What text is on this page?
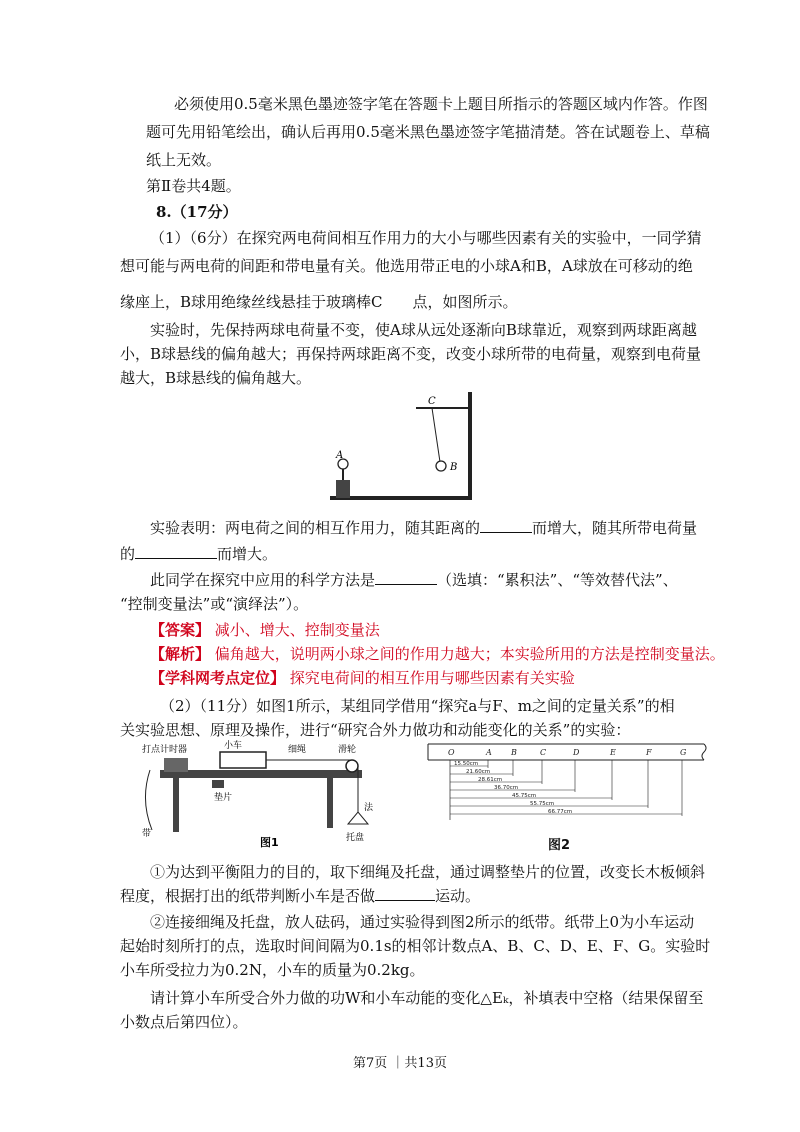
必须使用0.5毫米黑色墨迹签字笔在答题卡上题目所指示的答题区域内作答。作图
题可先用铅笔绘出，确认后再用0.5毫米黑色墨迹签字笔描清楚。答在试题卷上、草稿
纸上无效。
第Ⅱ卷共4题。
8.（17分）
（1）（6分）在探究两电荷间相互作用力的大小与哪些因素有关的实验中，一同学猜
想可能与两电荷的间距和带电量有关。他选用带正电的小球A和B，A球放在可移动的绝
缘座上，B球用绝缘丝线悬挂于玻璃棒C　　点，如图所示。
实验时，先保持两球电荷量不变，使A球从远处逐渐向B球靠近，观察到两球距离越
小，B球悬线的偏角越大；再保持两球距离不变，改变小球所带的电荷量，观察到电荷量
越大，B球悬线的偏角越大。
C
A
B
实验表明：两电荷之间的相互作用力，随其距离的	而增大，随其所带电荷量
的	而增大。
此同学在探究中应用的科学方法是	（选填：“累积法”、“等效替代法”、
“控制变量法”或“演绎法”）。
【答案】 减小、增大、控制变量法
【解析】 偏角越大，说明两小球之间的作用力越大；本实验所用的方法是控制变量法。
【学科网考点定位】 探究电荷间的相互作用与哪些因素有关实验
（2）（11分）如图1所示，某组同学借用“探究a与F、m之间的定量关系”的相
关实验思想、原理及操作，进行“研究合外力做功和动能变化的关系”的实验：
打点计时器	小车	细绳	滑轮
垫片
带
法
托盘
图1
O	A B	C	D	E	F	G
15.50cm
21.60cm
28.61cm
36.70cm
45.75cm
55.75cm
66.77cm
图2
①为达到平衡阻力的目的，取下细绳及托盘，通过调整垫片的位置，改变长木板倾斜
程度，根据打出的纸带判断小车是否做	运动。
②连接细绳及托盘，放人砝码，通过实验得到图2所示的纸带。纸带上0为小车运动
起始时刻所打的点，选取时间间隔为0.1s的相邻计数点A、B、C、D、E、F、G。实验时
小车所受拉力为0.2N，小车的质量为0.2kg。
请计算小车所受合外力做的功W和小车动能的变化△Eₖ，补填表中空格（结果保留至
小数点后第四位）。
第7页 ｜共13页
